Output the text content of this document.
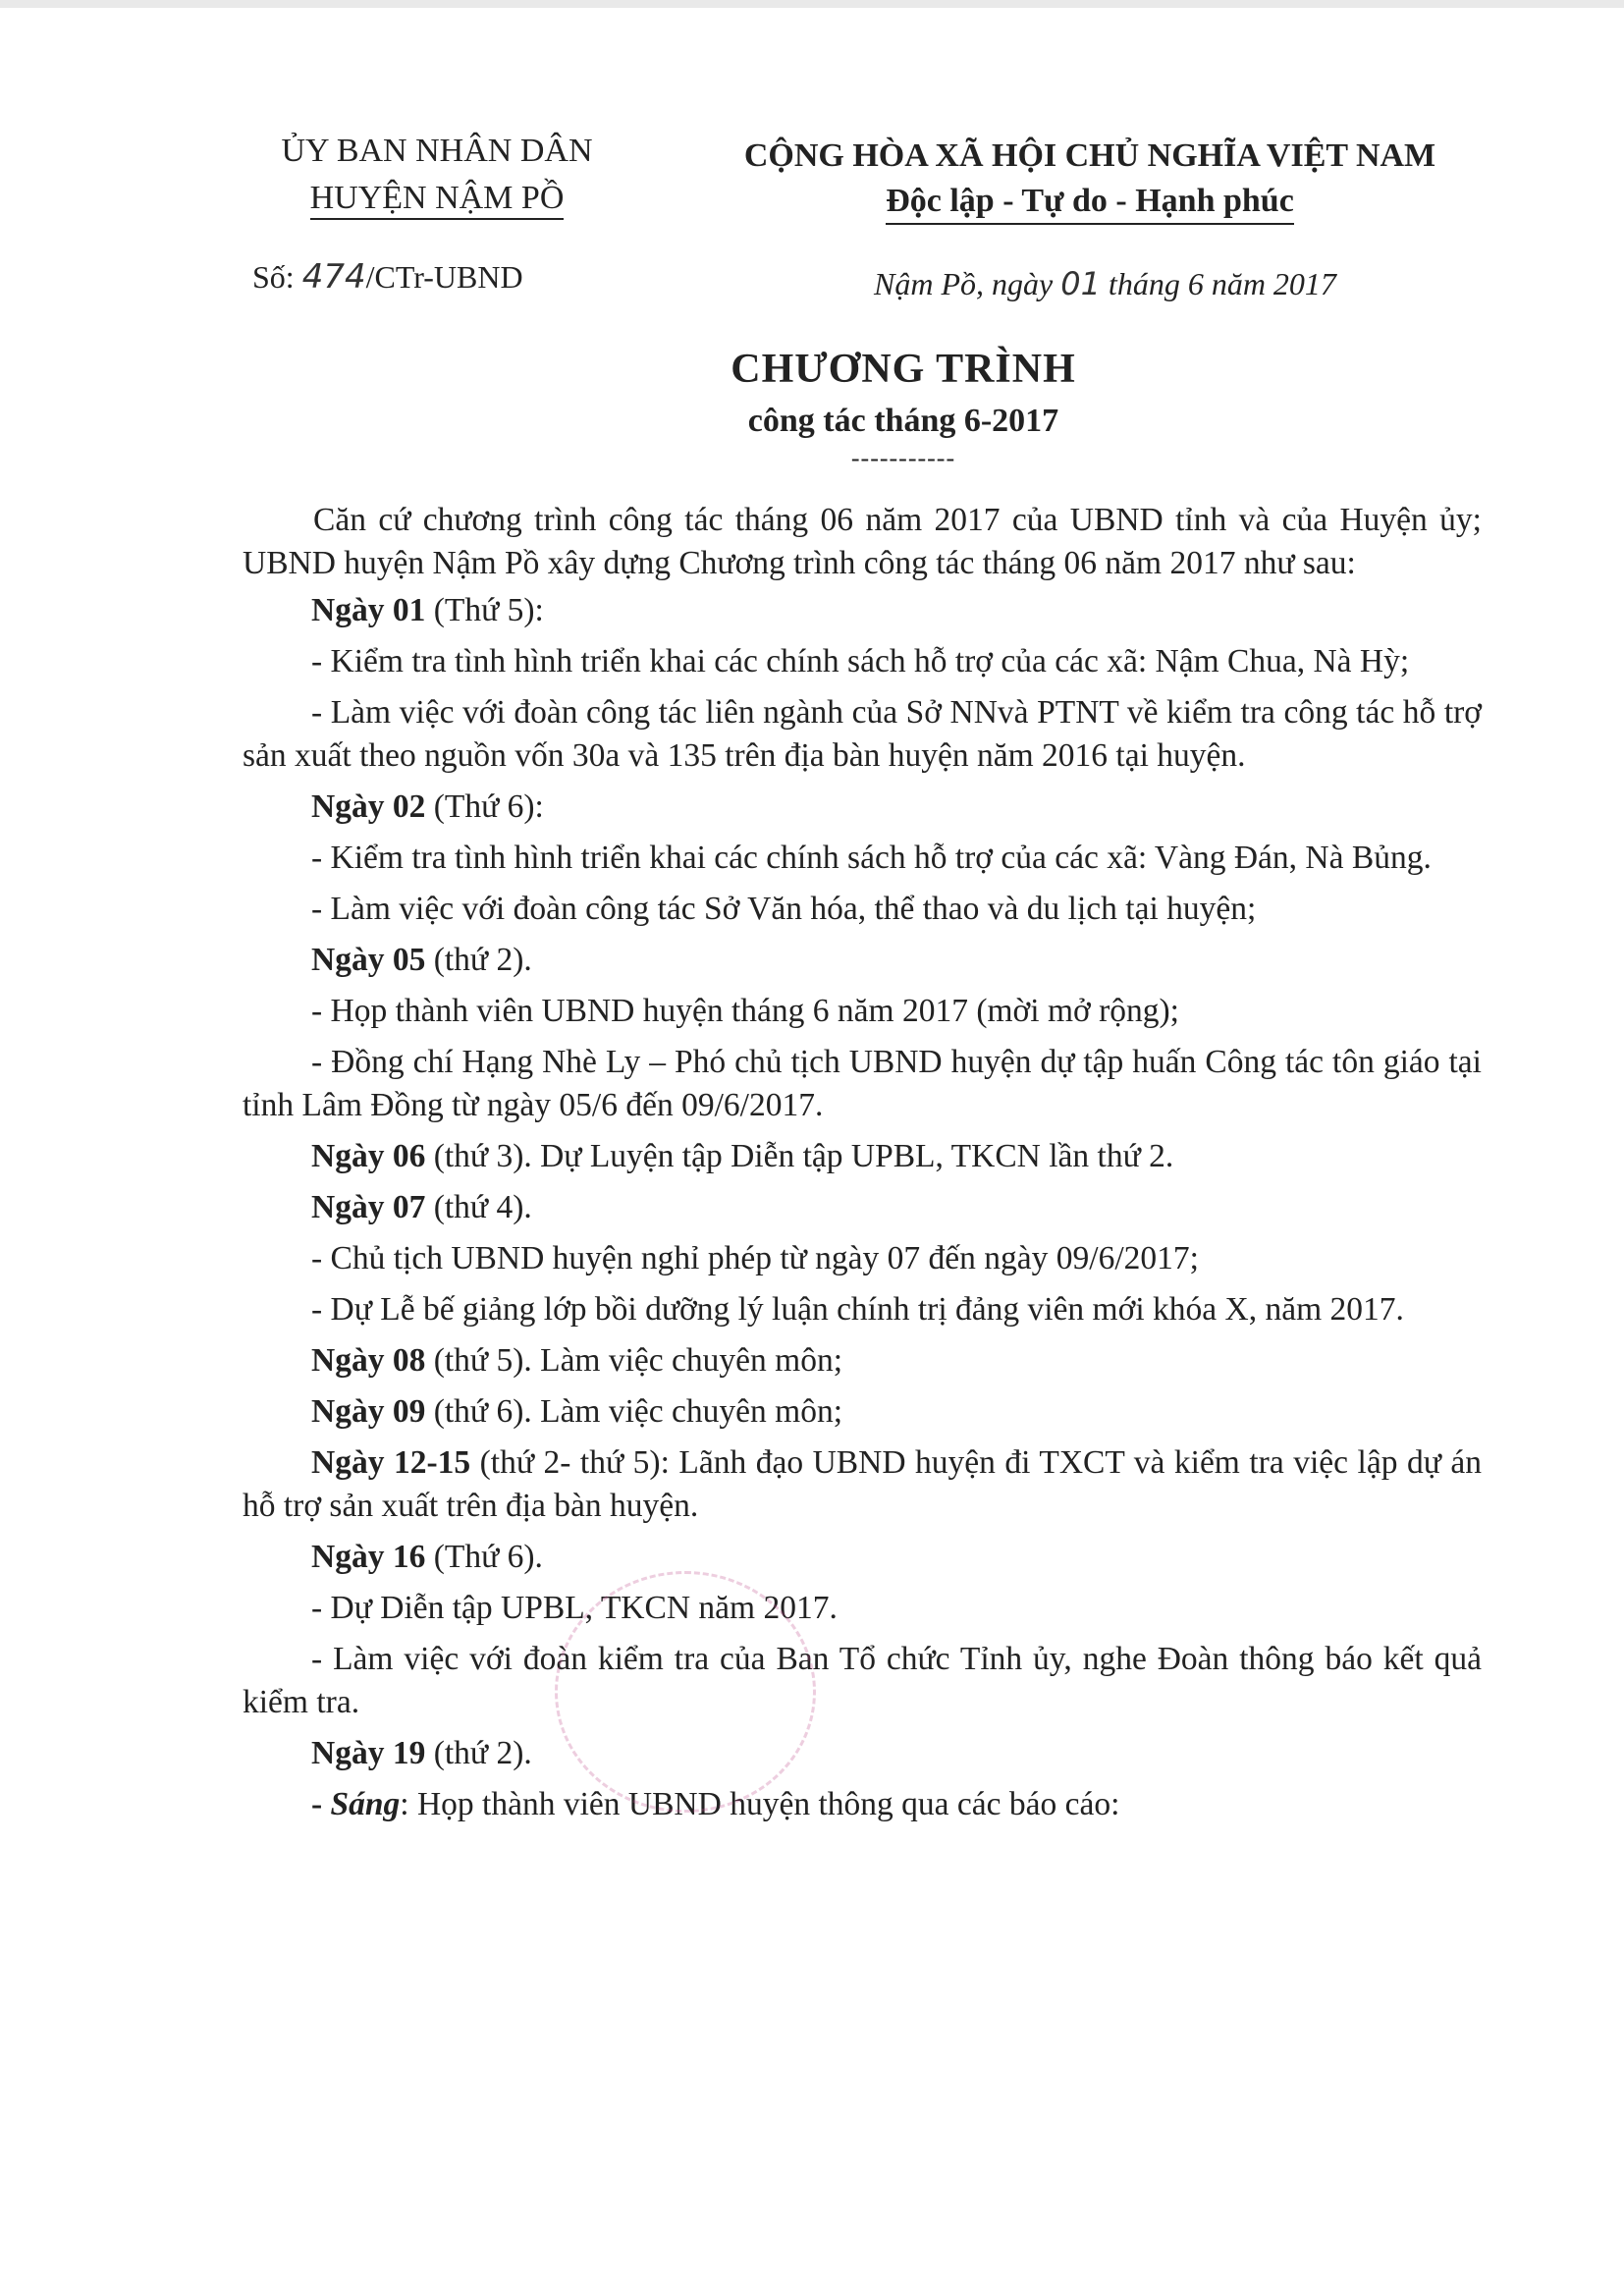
ỦY BAN NHÂN DÂN
HUYỆN NẬM PỒ
CỘNG HÒA XÃ HỘI CHỦ NGHĨA VIỆT NAM
Độc lập - Tự do - Hạnh phúc
Số: 474/CTr-UBND	Nậm Pồ, ngày 01 tháng 6 năm 2017
CHƯƠNG TRÌNH
công tác tháng 6-2017
-----------

Căn cứ chương trình công tác tháng 06 năm 2017 của UBND tỉnh và của Huyện ủy; UBND huyện Nậm Pồ xây dựng Chương trình công tác tháng 06 năm 2017 như sau:

Ngày 01 (Thứ 5):

- Kiểm tra tình hình triển khai các chính sách hỗ trợ của các xã: Nậm Chua, Nà Hỳ;

- Làm việc với đoàn công tác liên ngành của Sở NNvà PTNT về kiểm tra công tác hỗ trợ sản xuất theo nguồn vốn 30a và 135 trên địa bàn huyện năm 2016 tại huyện.

Ngày 02 (Thứ 6):

- Kiểm tra tình hình triển khai các chính sách hỗ trợ của các xã: Vàng Đán, Nà Bủng.

- Làm việc với đoàn công tác Sở Văn hóa, thể thao và du lịch tại huyện;

Ngày 05 (thứ 2).

- Họp thành viên UBND huyện tháng 6 năm 2017 (mời mở rộng);

- Đồng chí Hạng Nhè Ly – Phó chủ tịch UBND huyện dự tập huấn Công tác tôn giáo tại tỉnh Lâm Đồng từ ngày 05/6 đến 09/6/2017.

Ngày 06 (thứ 3). Dự Luyện tập Diễn tập UPBL, TKCN lần thứ 2.

Ngày 07 (thứ 4).

- Chủ tịch UBND huyện nghỉ phép từ ngày 07 đến ngày 09/6/2017;

- Dự Lễ bế giảng lớp bồi dưỡng lý luận chính trị đảng viên mới khóa X, năm 2017.

Ngày 08 (thứ 5). Làm việc chuyên môn;

Ngày 09 (thứ 6). Làm việc chuyên môn;

Ngày 12-15 (thứ 2- thứ 5): Lãnh đạo UBND huyện đi TXCT và kiểm tra việc lập dự án hỗ trợ sản xuất trên địa bàn huyện.

Ngày 16 (Thứ 6).

- Dự Diễn tập UPBL, TKCN năm 2017.

- Làm việc với đoàn kiểm tra của Ban Tổ chức Tỉnh ủy, nghe Đoàn thông báo kết quả kiểm tra.

Ngày 19 (thứ 2).

- Sáng: Họp thành viên UBND huyện thông qua các báo cáo:
